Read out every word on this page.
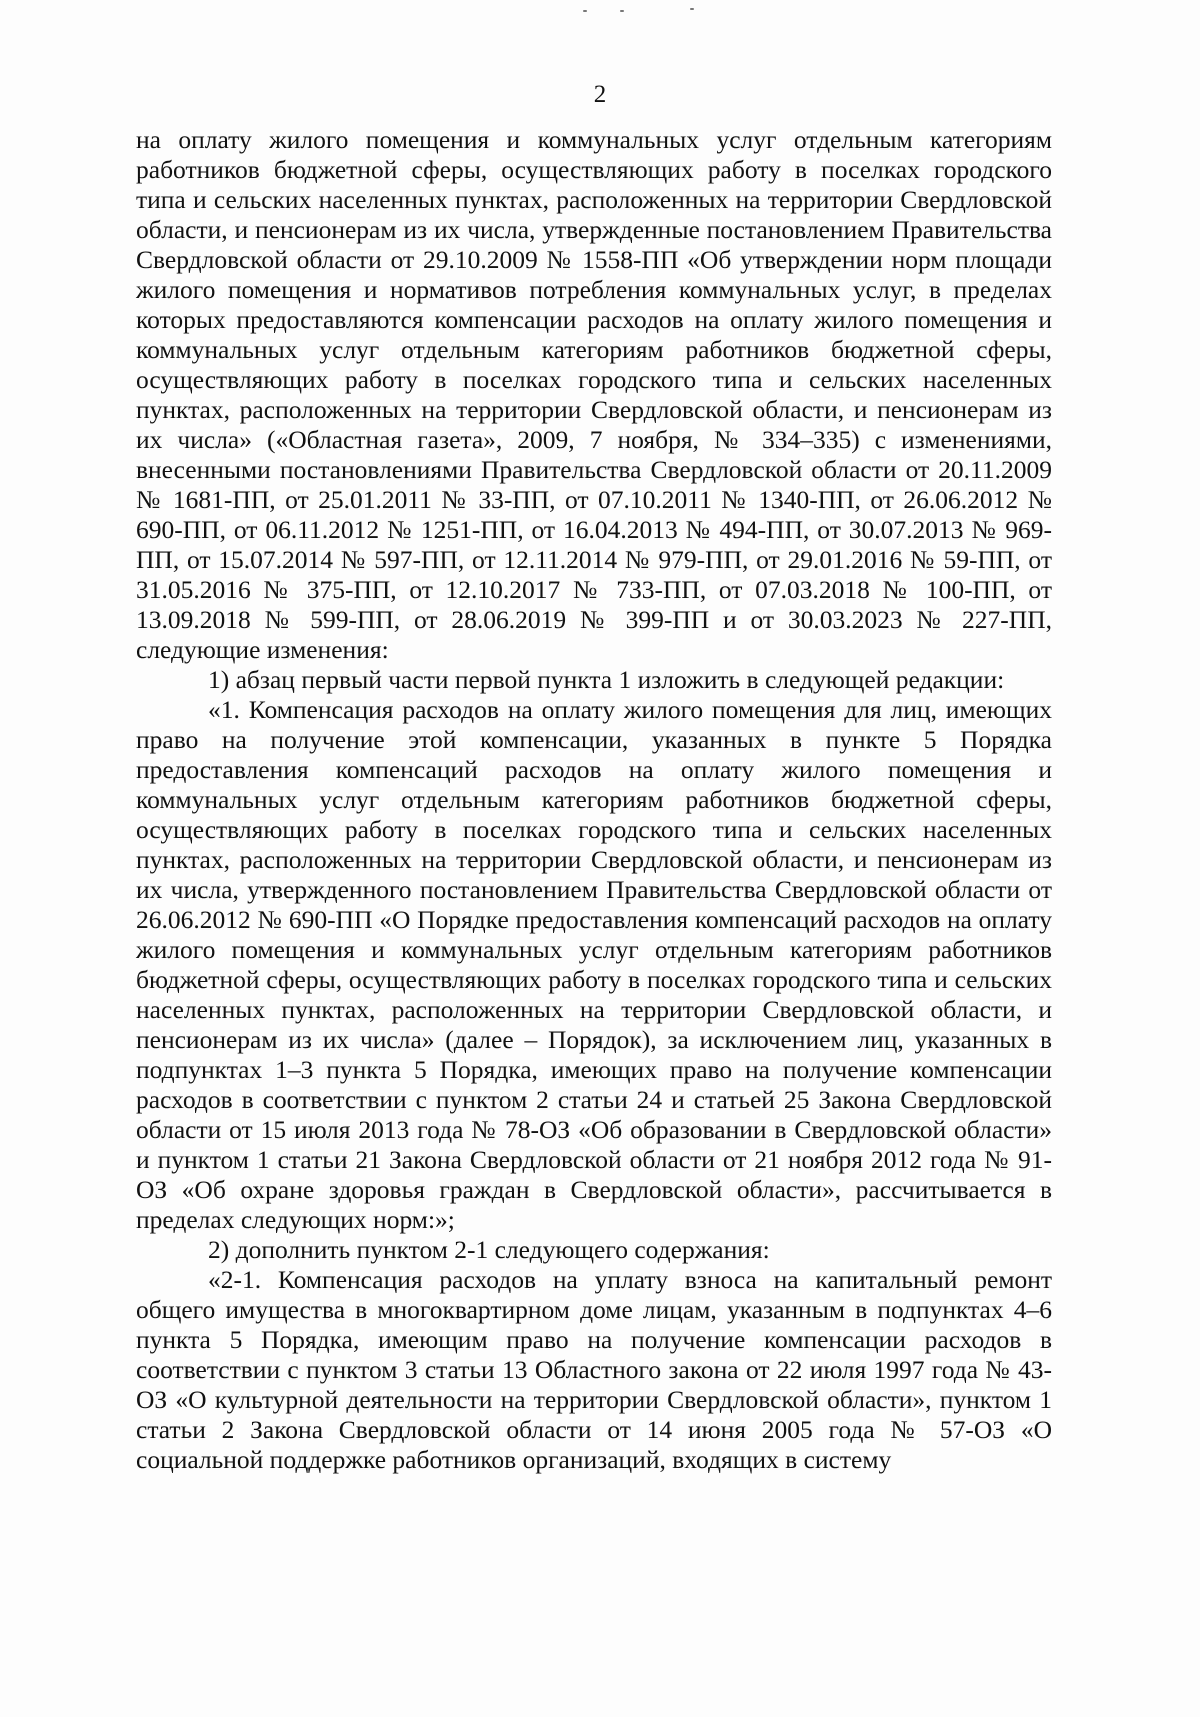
2

на оплату жилого помещения и коммунальных услуг отдельным категориям работников бюджетной сферы, осуществляющих работу в поселках городского типа и сельских населенных пунктах, расположенных на территории Свердловской области, и пенсионерам из их числа, утвержденные постановлением Правительства Свердловской области от 29.10.2009 № 1558-ПП «Об утверждении норм площади жилого помещения и нормативов потребления коммунальных услуг, в пределах которых предоставляются компенсации расходов на оплату жилого помещения и коммунальных услуг отдельным категориям работников бюджетной сферы, осуществляющих работу в поселках городского типа и сельских населенных пунктах, расположенных на территории Свердловской области, и пенсионерам из их числа» («Областная газета», 2009, 7 ноября, № 334–335) с изменениями, внесенными постановлениями Правительства Свердловской области от 20.11.2009 № 1681-ПП, от 25.01.2011 № 33-ПП, от 07.10.2011 № 1340-ПП, от 26.06.2012 № 690-ПП, от 06.11.2012 № 1251-ПП, от 16.04.2013 № 494-ПП, от 30.07.2013 № 969-ПП, от 15.07.2014 № 597-ПП, от 12.11.2014 № 979-ПП, от 29.01.2016 № 59-ПП, от 31.05.2016 № 375-ПП, от 12.10.2017 № 733-ПП, от 07.03.2018 № 100-ПП, от 13.09.2018 № 599-ПП, от 28.06.2019 № 399-ПП и от 30.03.2023 № 227-ПП, следующие изменения:

1) абзац первый части первой пункта 1 изложить в следующей редакции:

«1. Компенсация расходов на оплату жилого помещения для лиц, имеющих право на получение этой компенсации, указанных в пункте 5 Порядка предоставления компенсаций расходов на оплату жилого помещения и коммунальных услуг отдельным категориям работников бюджетной сферы, осуществляющих работу в поселках городского типа и сельских населенных пунктах, расположенных на территории Свердловской области, и пенсионерам из их числа, утвержденного постановлением Правительства Свердловской области от 26.06.2012 № 690-ПП «О Порядке предоставления компенсаций расходов на оплату жилого помещения и коммунальных услуг отдельным категориям работников бюджетной сферы, осуществляющих работу в поселках городского типа и сельских населенных пунктах, расположенных на территории Свердловской области, и пенсионерам из их числа» (далее – Порядок), за исключением лиц, указанных в подпунктах 1–3 пункта 5 Порядка, имеющих право на получение компенсации расходов в соответствии с пунктом 2 статьи 24 и статьей 25 Закона Свердловской области от 15 июля 2013 года № 78-ОЗ «Об образовании в Свердловской области» и пунктом 1 статьи 21 Закона Свердловской области от 21 ноября 2012 года № 91-ОЗ «Об охране здоровья граждан в Свердловской области», рассчитывается в пределах следующих норм:»;

2) дополнить пунктом 2-1 следующего содержания:

«2-1. Компенсация расходов на уплату взноса на капитальный ремонт общего имущества в многоквартирном доме лицам, указанным в подпунктах 4–6 пункта 5 Порядка, имеющим право на получение компенсации расходов в соответствии с пунктом 3 статьи 13 Областного закона от 22 июля 1997 года № 43-ОЗ «О культурной деятельности на территории Свердловской области», пунктом 1 статьи 2 Закона Свердловской области от 14 июня 2005 года № 57-ОЗ «О социальной поддержке работников организаций, входящих в систему
